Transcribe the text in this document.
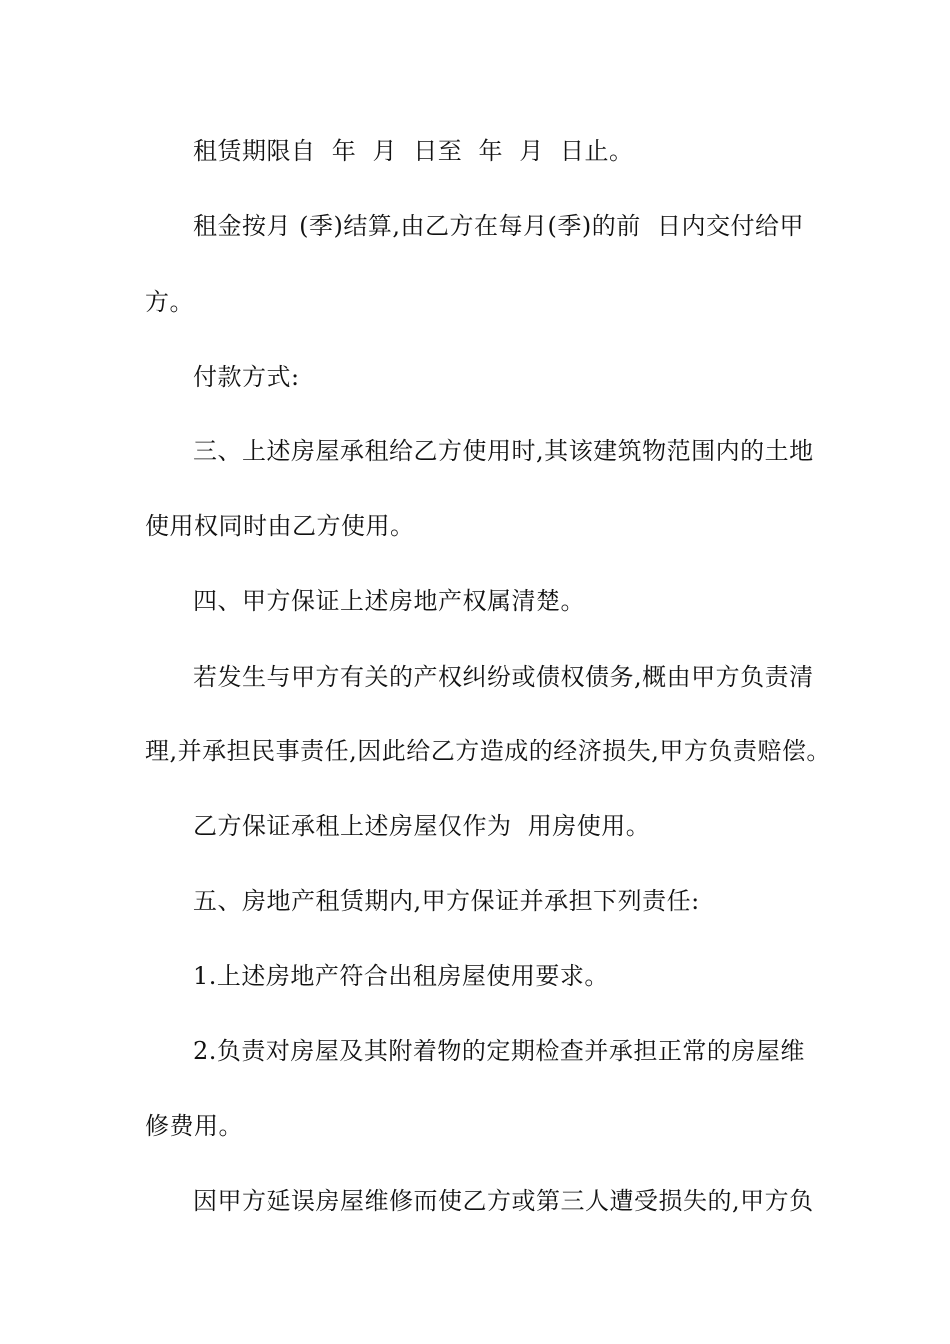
租赁期限自  年  月  日至  年  月  日止。
租金按月 (季)结算,由乙方在每月(季)的前  日内交付给甲
方。
付款方式:
三、上述房屋承租给乙方使用时,其该建筑物范围内的土地
使用权同时由乙方使用。
四、甲方保证上述房地产权属清楚。
若发生与甲方有关的产权纠纷或债权债务,概由甲方负责清
理,并承担民事责任,因此给乙方造成的经济损失,甲方负责赔偿。
乙方保证承租上述房屋仅作为  用房使用。
五、房地产租赁期内,甲方保证并承担下列责任:
1.上述房地产符合出租房屋使用要求。
2.负责对房屋及其附着物的定期检查并承担正常的房屋维
修费用。
因甲方延误房屋维修而使乙方或第三人遭受损失的,甲方负
